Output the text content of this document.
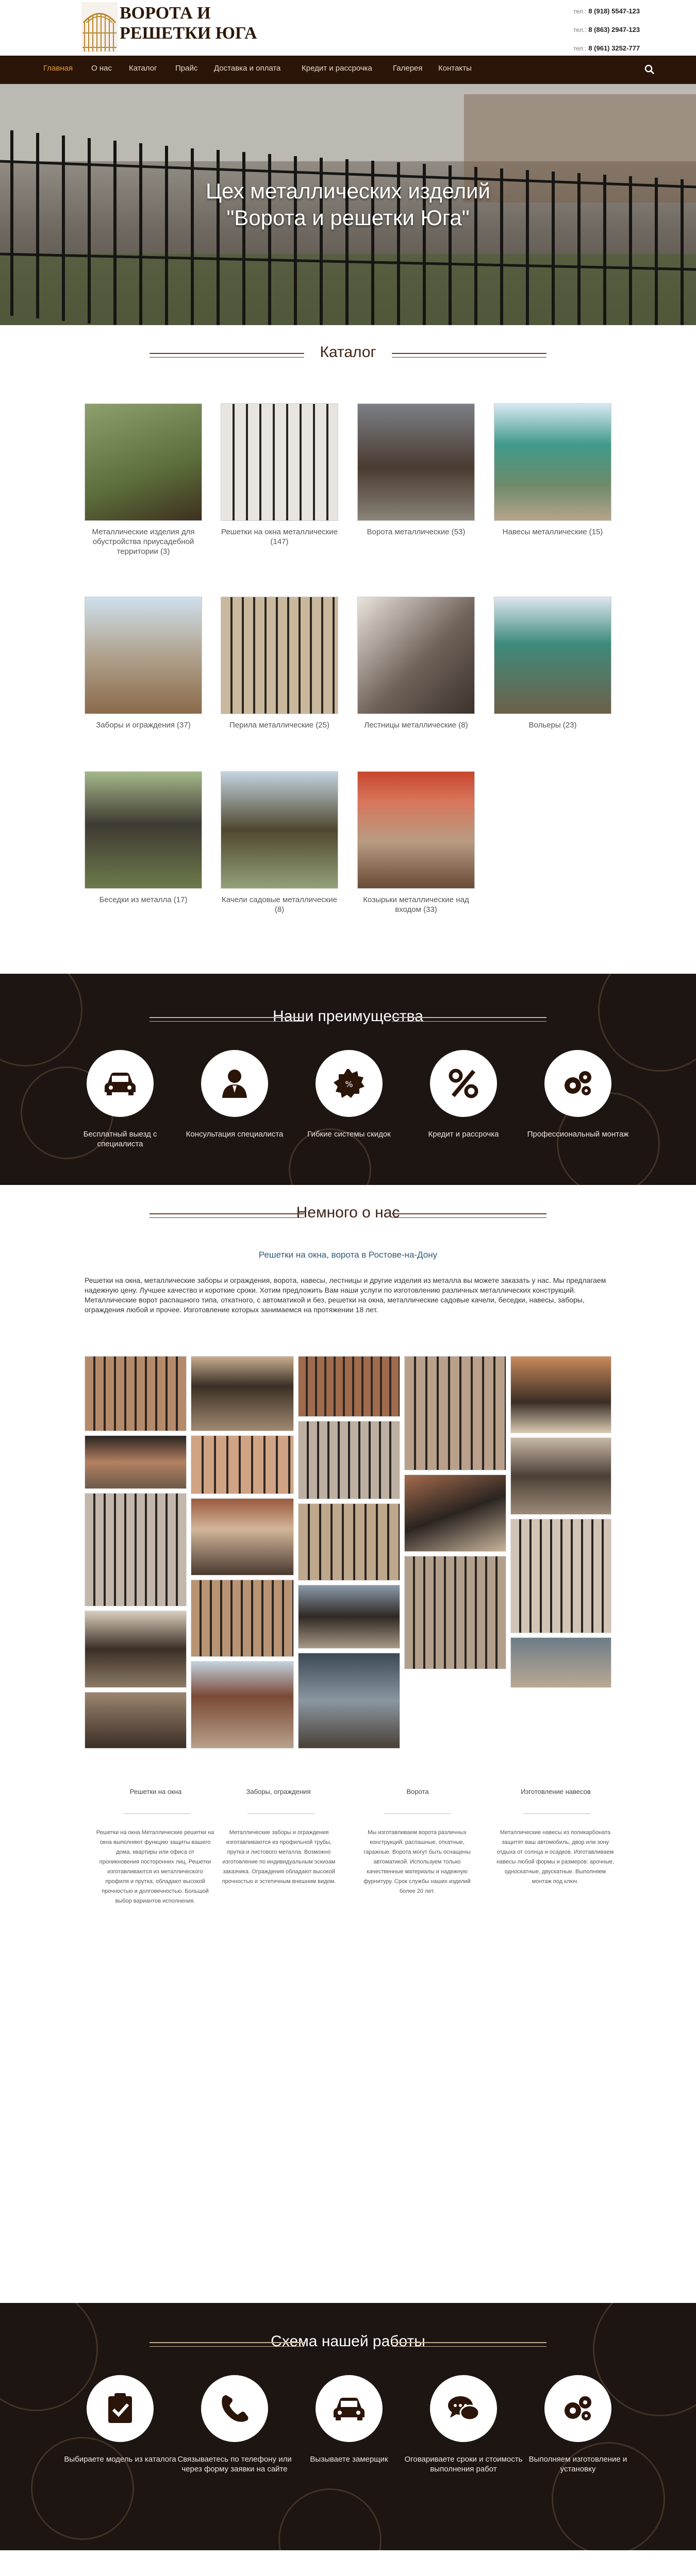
ВОРОТА И
РЕШЕТКИ ЮГА
тел.: 8 (918) 5547-123
тел.: 8 (863) 2947-123
тел.: 8 (961) 3252-777
Главная О нас Каталог Прайс Доставка и оплата	Кредит и рассрочка	Галерея Контакты
Цех металлических изделий
"Ворота и решетки Юга"
Каталог
Металлические изделия для обустройства приусадебной территории (3)
Решетки на окна металлические (147)
Ворота металлические (53)	Навесы металлические (15)
Заборы и ограждения (37)	Перила металлические (25)	Лестницы металлические (8)	Вольеры (23)
Беседки из металла (17)	Качели садовые металлические (8)
Козырьки металлические над входом (33)
Наши преимущества
Бесплатный выезд с специалиста
Консультация специалиста
%
Гибкие системы скидок	Кредит и рассрочка	Профессиональный монтаж
Немного о нас
Решетки на окна, ворота в Ростове-на-Дону
Решетки на окна, металлические заборы и ограждения, ворота, навесы, лестницы и другие изделия из металла вы можете заказать у нас. Мы предлагаем надежную цену. Лучшее качество и короткие сроки. Хотим предложить Вам наши услуги по изготовлению различных металлических конструкций. Металлические ворот распашного типа, откатного, с автоматикой и без, решетки на окна, металлические садовые качели, беседки, навесы, заборы, ограждения любой и прочее. Изготовление которых занимаемся на протяжении 18 лет.
Решетки на окна	Заборы, ограждения	Ворота	Изготовление навесов
Решетки на окна Металлические решетки на окна выполняют функцию защиты вашего дома, квартиры или офиса от проникновения посторонних лиц. Решетки изготавливаются из металлического профиля и прутка, обладают высокой прочностью и долговечностью. Большой выбор вариантов исполнения.
Металлические заборы и ограждения изготавливаются из профильной трубы, прутка и листового металла. Возможно изготовление по индивидуальным эскизам заказчика. Ограждения обладают высокой прочностью и эстетичным внешним видом.
Мы изготавливаем ворота различных конструкций: распашные, откатные, гаражные. Ворота могут быть оснащены автоматикой. Используем только качественные материалы и надежную фурнитуру. Срок службы наших изделий более 20 лет.
Металлические навесы из поликарбоната защитят ваш автомобиль, двор или зону отдыха от солнца и осадков. Изготавливаем навесы любой формы и размеров: арочные, односкатные, двускатные. Выполняем монтаж под ключ.
Схема нашей работы
Выбираете модель из каталога Связываетесь по телефону или через форму заявки на сайте
Вызываете замерщик	Оговариваете сроки и стоимость выполнения работ
Выполняем изготовление и установку
